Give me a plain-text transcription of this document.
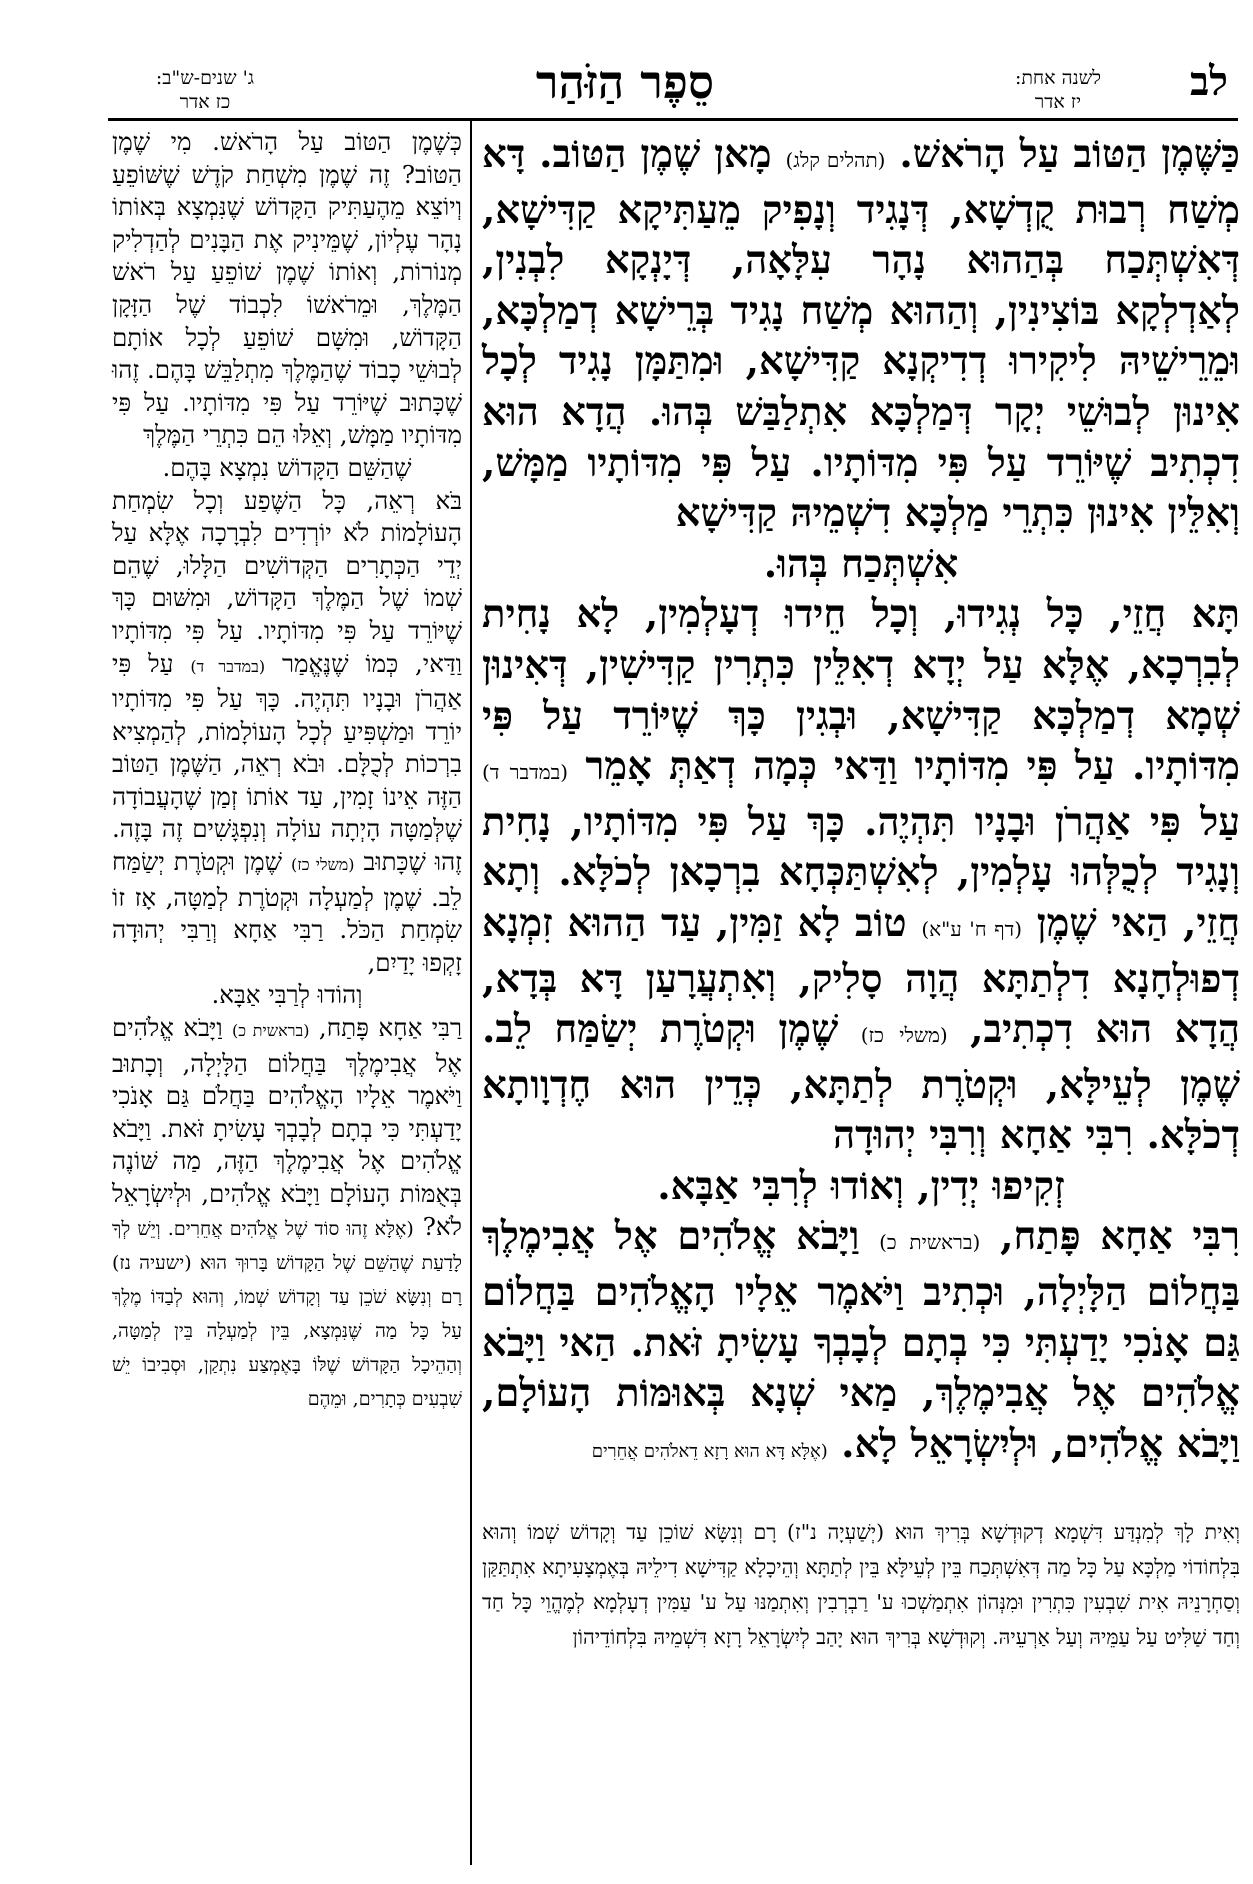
לב
לשנה אחת:
יז אדר
סֵפֶר הַזֹּהַר
ג' שנים-ש"ב:
כז אדר

כַּשֶּׁמֶן הַטּוֹב עַל הָרֹאשׁ. (תהלים קלג) מָאן שֶׁמֶן הַטּוֹב. דָּא מְשַׁח רְבוּת קֻדְשָׁא, דְּנָגִיד וְנָפִיק מֵעַתִּיקָא קַדִּישָׁא, דְּאִשְׁתְּכַח בְּהַהוּא נָהָר עִלָּאָה, דְּיָנְקָא לִבְנִין, לְאַדְלְקָא בּוֹצִינִין, וְהַהוּא מְשַׁח נָגִיד בְּרֵישָׁא דְמַלְכָּא, וּמֵרֵישֵׁיהּ לִיקִירוּ דְדִיקְנָא קַדִּישָׁא, וּמִתַּמָּן נָגִיד לְכָל אִינוּן לְבוּשֵׁי יְקָר דְּמַלְכָּא אִתְלַבַּשׁ בְּהוּ. הֲדָא הוּא דִכְתִיב שֶׁיּוֹרֵד עַל פִּי מִדּוֹתָיו. עַל פִּי מִדּוֹתָיו מַמָּשׁ, וְאִלֵּין אִינוּן כִּתְרֵי מַלְכָּא דִשְׁמֵיהּ קַדִּישָׁא

אִשְׁתְּכַח בְּהוּ.

תָּא חֲזֵי, כָּל נְגִידוּ, וְכָל חֵידוּ דְעָלְמִין, לָא נָחִית לְבִרְכָא, אֶלָּא עַל יְדָא דְאִלֵּין כִּתְרִין קַדִּישִׁין, דְּאִינוּן שְׁמָא דְמַלְכָּא קַדִּישָׁא, וּבְגִין כָּךְ שֶׁיּוֹרֵד עַל פִּי מִדּוֹתָיו. עַל פִּי מִדּוֹתָיו וַדַּאי כְּמָה דְאַתְּ אָמֵר (במדבר ד) עַל פִּי אַהֲרֹן וּבָנָיו תִּהְיֶה. כָּךְ עַל פִּי מִדּוֹתָיו, נָחִית וְנָגִיד לְכֻלְּהוּ עָלְמִין, לְאִשְׁתַּכְּחָא בִרְכָאן לְכֹלָּא. וְתָא חֲזֵי, הַאי שֶׁמֶן (דף ח' ע"א) טוֹב לָא זַמִּין, עַד הַהוּא זִמְנָא דְפוּלְחָנָא דִלְתַתָּא הֲוָה סָלִיק, וְאִתְעֲרָעַן דָּא בְּדָא, הֲדָא הוּא דִכְתִיב, (משלי כז) שֶׁמֶן וּקְטֹרֶת יְשַׂמַּח לֵב. שֶׁמֶן לְעֵילָּא, וּקְטֹרֶת לְתַתָּא, כְּדֵין הוּא חֶדְוָותָא דְכֹלָּא. רִבִּי אַחָא וְרִבִּי יְהוּדָה

זְקִיפוּ יְדִין, וְאוֹדוּ לְרִבִּי אַבָּא.

רִבִּי אַחָא פָּתַח, (בראשית כ) וַיָּבֹא אֱלֹהִים אֶל אֲבִימֶלֶךְ בַּחֲלוֹם הַלָּיְלָה, וּכְתִיב וַיֹּאמֶר אֵלָיו הָאֱלֹהִים בַּחֲלוֹם גַּם אָנֹכִי יָדַעְתִּי כִּי בְתָם לְבָבְךָ עָשִׂיתָ זֹּאת. הַאי וַיָּבֹא אֱלֹהִים אֶל אֲבִימֶלֶךְ, מַאי שְׁנָא בְּאוּמּוֹת הָעוֹלָם, וַיָּבֹא אֱלֹהִים, וּלְיִשְׂרָאֵל לָא. (אֶלָּא דָּא הוּא רָזָא דֵאלֹהִים אֲחֵרִים

וְאִית לָךְ לְמִנְדַּע דִּשְׁמָא דְקוּדְשָׁא בְּרִיךְ הוּא (יְשַׁעְיָה נ"ז) רָם וְנִשָּׂא שׁוֹכֵן עַד וְקָדוֹשׁ שְׁמוֹ וְהוּא בִּלְחוֹדוֹי מַלְכָּא עַל כָּל מַה דְּאִשְׁתְּכַח בֵּין לְעֵילָּא בֵּין לְתַתָּא וְהֵיכָלָא קַדִּישָׁא דִילֵיהּ בְּאֶמְצָעִיתָא אִתְתַּקַּן וְסַחְרָנֵיהּ אִית שִׁבְעִין כִּתְרִין וּמִנְּהוֹן אִתְמַשְׁכוּ ע' רַבְרְבִין וְאִתְמַנּוּ עַל ע' עַמִּין דְעָלְמָא לְמֶהֱוֵי כָּל חַד וְחַד שַׁלִּיט עַל עַמֵּיהּ וְעַל אַרְעֵיהּ. וְקוּדְשָׁא בְּרִיךְ הוּא יָהַב לְיִשְׂרָאֵל רָזָא דִּשְׁמֵיהּ בִּלְחוֹדֵיהוֹן

כְּשֶׁמֶן הַטּוֹב עַל הָרֹאשׁ. מִי שֶׁמֶן הַטּוֹב? זֶה שֶׁמֶן מִשְׁחַת קֹדֶשׁ שֶׁשּׁוֹפֵעַ וְיוֹצֵא מֵהֶעַתִּיק הַקָּדוֹשׁ שֶׁנִּמְצָא בְּאוֹתוֹ נָהָר עֶלְיוֹן, שֶׁמֵּינִיק אֶת הַבָּנִים לְהַדְלִיק מְנוֹרוֹת, וְאוֹתוֹ שֶׁמֶן שׁוֹפֵעַ עַל רֹאשׁ הַמֶּלֶךְ, וּמֵרֹאשׁוֹ לִכְבוֹד שֶׁל הַזָּקָן הַקָּדוֹשׁ, וּמִשָּׁם שׁוֹפֵעַ לְכָל אוֹתָם לְבוּשֵׁי כָבוֹד שֶׁהַמֶּלֶךְ מִתְלַבֵּשׁ בָּהֶם. זֶהוּ שֶׁכָּתוּב שֶׁיּוֹרֵד עַל פִּי מִדּוֹתָיו. עַל פִּי מִדּוֹתָיו מַמָּשׁ, וְאֵלּוּ הֵם כִּתְרֵי הַמֶּלֶךְ

שֶׁהַשֵּׁם הַקָּדוֹשׁ נִמְצָא בָּהֶם.

בֹּא רְאֵה, כָּל הַשֶּׁפַע וְכָל שִׂמְחַת הָעוֹלָמוֹת לֹא יוֹרְדִים לִבְרָכָה אֶלָּא עַל יְדֵי הַכְּתָרִים הַקְּדוֹשִׁים הַלָּלוּ, שֶׁהֵם שְׁמוֹ שֶׁל הַמֶּלֶךְ הַקָּדוֹשׁ, וּמִשּׁוּם כָּךְ שֶׁיּוֹרֵד עַל פִּי מִדּוֹתָיו. עַל פִּי מִדּוֹתָיו וַדַּאי, כְּמוֹ שֶׁנֶּאֱמַר (במדבר ד) עַל פִּי אַהֲרֹן וּבָנָיו תִּהְיֶה. כָּךְ עַל פִּי מִדּוֹתָיו יוֹרֵד וּמַשְׁפִּיעַ לְכָל הָעוֹלָמוֹת, לְהַמְצִיא בִרְכוֹת לְכֻלָּם. וּבֹא רְאֵה, הַשֶּׁמֶן הַטּוֹב הַזֶּה אֵינוֹ זָמִין, עַד אוֹתוֹ זְמַן שֶׁהָעֲבוֹדָה שֶׁלְּמַטָּה הָיְתָה עוֹלָה וְנִפְגָּשִׁים זֶה בָּזֶה. זֶהוּ שֶׁכָּתוּב (משלי כז) שֶׁמֶן וּקְטֹרֶת יְשַׂמַּח לֵב. שֶׁמֶן לְמַעְלָה וּקְטֹרֶת לְמַטָּה, אָז זוֹ שִׂמְחַת הַכֹּל. רַבִּי אַחָא וְרַבִּי יְהוּדָה זָקְפוּ יָדַיִם,

וְהוֹדוּ לְרַבִּי אַבָּא.

רַבִּי אַחָא פָּתַח, (בראשית כ) וַיָּבֹא אֱלֹהִים אֶל אֲבִימֶלֶךְ בַּחֲלוֹם הַלָּיְלָה, וְכָתוּב וַיֹּאמֶר אֵלָיו הָאֱלֹהִים בַּחֲלֹם גַּם אָנֹכִי יָדַעְתִּי כִּי בְתָם לְבָבְךָ עָשִׂיתָ זֹּאת. וַיָּבֹא אֱלֹהִים אֶל אֲבִימֶלֶךְ הַזֶּה, מַה שּׁוֹנֶה בְּאֻמּוֹת הָעוֹלָם וַיָּבֹא אֱלֹהִים, וּלְיִשְׂרָאֵל לֹא? (אֶלָּא זֶהוּ סוֹד שֶׁל אֱלֹהִים אֲחֵרִים. וְיֵשׁ לְךָ לָדַעַת שֶׁהַשֵּׁם שֶׁל הַקָּדוֹשׁ בָּרוּךְ הוּא (ישעיה נז) רָם וְנִשָּׂא שֹׁכֵן עַד וְקָדוֹשׁ שְׁמוֹ, וְהוּא לְבַדּוֹ מֶלֶךְ עַל כָּל מַה שֶּׁנִּמְצָא, בֵּין לְמַעְלָה בֵּין לְמַטָּה, וְהַהֵיכָל הַקָּדוֹשׁ שֶׁלּוֹ בָּאֶמְצַע נִתְקַן, וּסְבִיבוֹ יֵשׁ שִׁבְעִים כְּתָרִים, וּמֵהֶם
